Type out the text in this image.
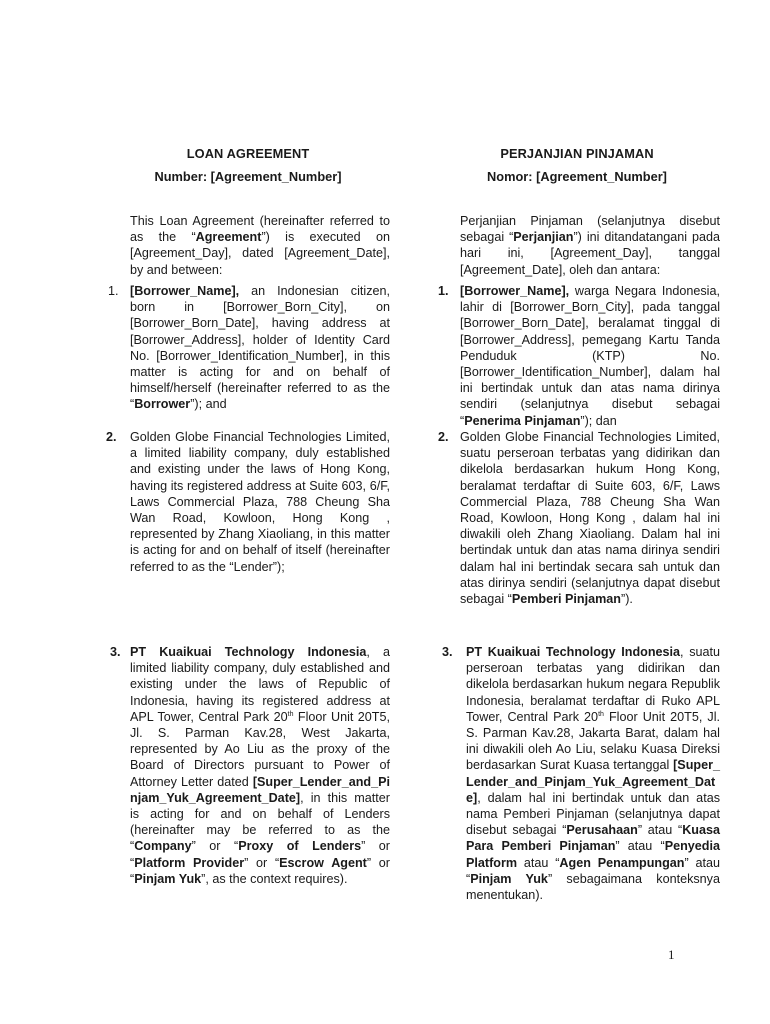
LOAN AGREEMENT
Number: [Agreement_Number]
This Loan Agreement (hereinafter referred to as the “Agreement”) is executed on [Agreement_Day], dated [Agreement_Date], by and between:
1. [Borrower_Name], an Indonesian citizen, born in [Borrower_Born_City], on [Borrower_Born_Date], having address at [Borrower_Address], holder of Identity Card No. [Borrower_Identification_Number], in this matter is acting for and on behalf of himself/herself (hereinafter referred to as the “Borrower”); and
2. Golden Globe Financial Technologies Limited, a limited liability company, duly established and existing under the laws of Hong Kong, having its registered address at Suite 603, 6/F, Laws Commercial Plaza, 788 Cheung Sha Wan Road, Kowloon, Hong Kong , represented by Zhang Xiaoliang, in this matter is acting for and on behalf of itself (hereinafter referred to as the “Lender”);
3. PT Kuaikuai Technology Indonesia, a limited liability company, duly established and existing under the laws of Republic of Indonesia, having its registered address at APL Tower, Central Park 20th Floor Unit 20T5, Jl. S. Parman Kav.28, West Jakarta, represented by Ao Liu as the proxy of the Board of Directors pursuant to Power of Attorney Letter dated [Super_Lender_and_Pinjam_Yuk_Agreement_Date], in this matter is acting for and on behalf of Lenders (hereinafter may be referred to as the “Company” or “Proxy of Lenders” or “Platform Provider” or “Escrow Agent” or “Pinjam Yuk”, as the context requires).
PERJANJIAN PINJAMAN
Nomor: [Agreement_Number]
Perjanjian Pinjaman (selanjutnya disebut sebagai “Perjanjian”) ini ditandatangani pada hari ini, [Agreement_Day], tanggal [Agreement_Date], oleh dan antara:
1. [Borrower_Name], warga Negara Indonesia, lahir di [Borrower_Born_City], pada tanggal [Borrower_Born_Date], beralamat tinggal di [Borrower_Address], pemegang Kartu Tanda Penduduk (KTP) No. [Borrower_Identification_Number], dalam hal ini bertindak untuk dan atas nama dirinya sendiri (selanjutnya disebut sebagai “Penerima Pinjaman”); dan
2. Golden Globe Financial Technologies Limited, suatu perseroan terbatas yang didirikan dan dikelola berdasarkan hukum Hong Kong, beralamat terdaftar di Suite 603, 6/F, Laws Commercial Plaza, 788 Cheung Sha Wan Road, Kowloon, Hong Kong , dalam hal ini diwakili oleh Zhang Xiaoliang. Dalam hal ini bertindak untuk dan atas nama dirinya sendiri dalam hal ini bertindak secara sah untuk dan atas dirinya sendiri (selanjutnya dapat disebut sebagai “Pemberi Pinjaman”).
3. PT Kuaikuai Technology Indonesia, suatu perseroan terbatas yang didirikan dan dikelola berdasarkan hukum negara Republik Indonesia, beralamat terdaftar di Ruko APL Tower, Central Park 20th Floor Unit 20T5, Jl. S. Parman Kav.28, Jakarta Barat, dalam hal ini diwakili oleh Ao Liu, selaku Kuasa Direksi berdasarkan Surat Kuasa tertanggal [Super_Lender_and_Pinjam_Yuk_Agreement_Date], dalam hal ini bertindak untuk dan atas nama Pemberi Pinjaman (selanjutnya dapat disebut sebagai “Perusahaan” atau “Kuasa Para Pemberi Pinjaman” atau “Penyedia Platform atau “Agen Penampungan” atau “Pinjam Yuk” sebagaimana konteksnya menentukan).
1
